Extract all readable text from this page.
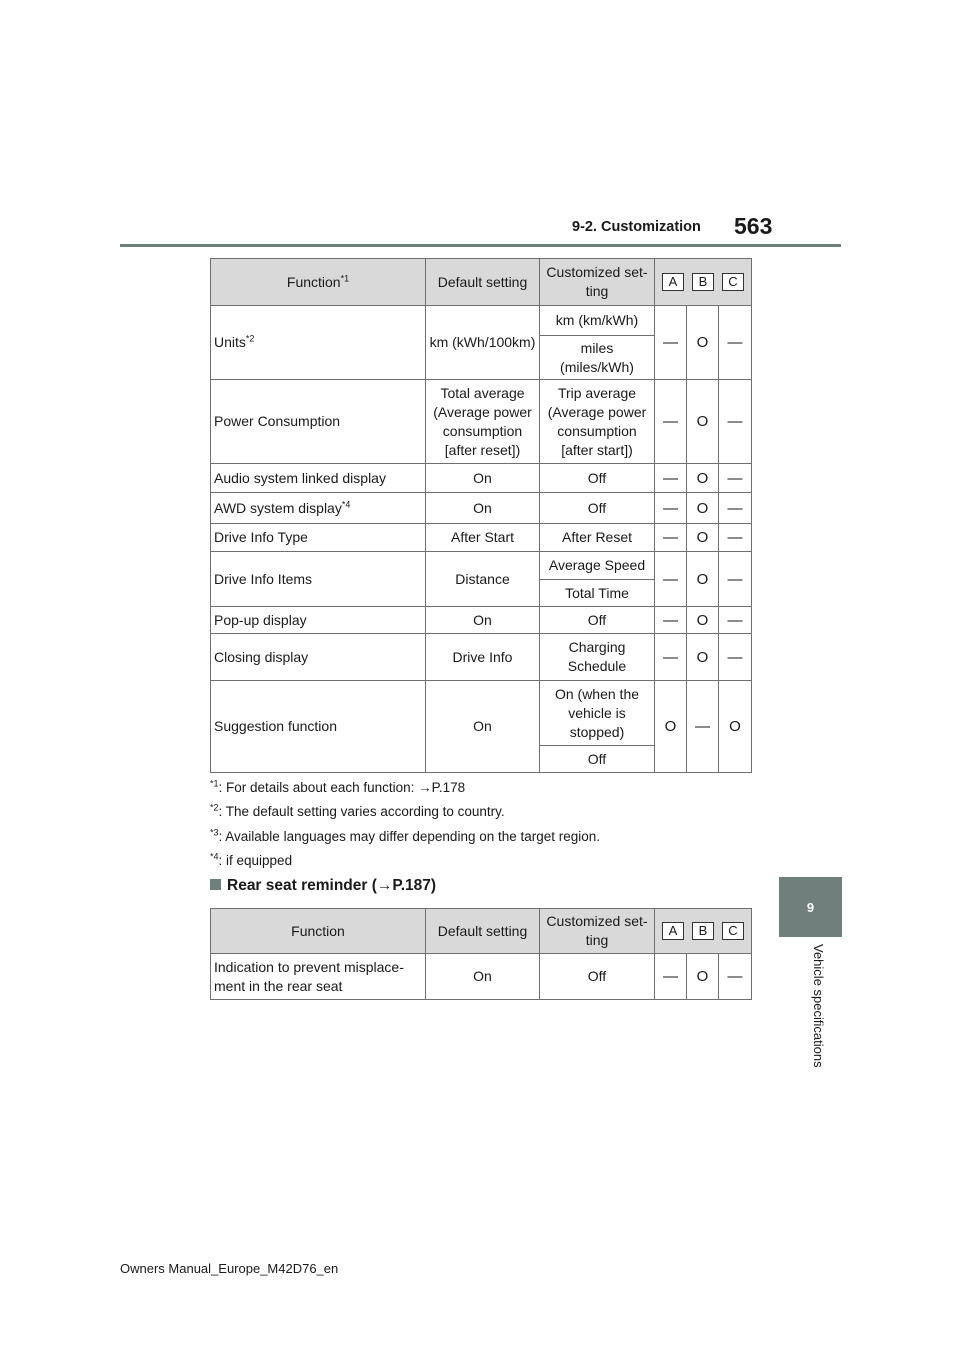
9-2. Customization 563
9
Vehicle specifications
Function$^{*1}$	Default setting	Customized set-ting	A B C		

Units$^{*2}$	km (kWh/100km)	km (km/kWh)	—	O	—
		miles (miles/kWh)			
Power Consumption	Total average (Average power consumption [after reset])	Trip average (Average power consumption [after start])	—	O	—
Audio system linked display	On	Off	—	O	—
AWD system display$^{*4}$	On	Off	—	O	—
Drive Info Type	After Start	After Reset	—	O	—
Drive Info Items	Distance	Average Speed	—	O	—
		Total Time			
Pop-up display	On	Off	—	O	—
Closing display	Drive Info	Charging Schedule	—	O	—
Suggestion function	On	On (when the vehicle is stopped)	O	—	O
		Off			
$^{*1}$: For details about each function: →P.178
$^{*2}$: The default setting varies according to country.
$^{*3}$: Available languages may differ depending on the target region.
$^{*4}$: if equipped
Rear seat reminder (→P.187)
Function	Default setting	Customized set-ting	A B C		

Indication to prevent misplace-ment in the rear seat	On	Off	—	O	—
Owners Manual_Europe_M42D76_en
